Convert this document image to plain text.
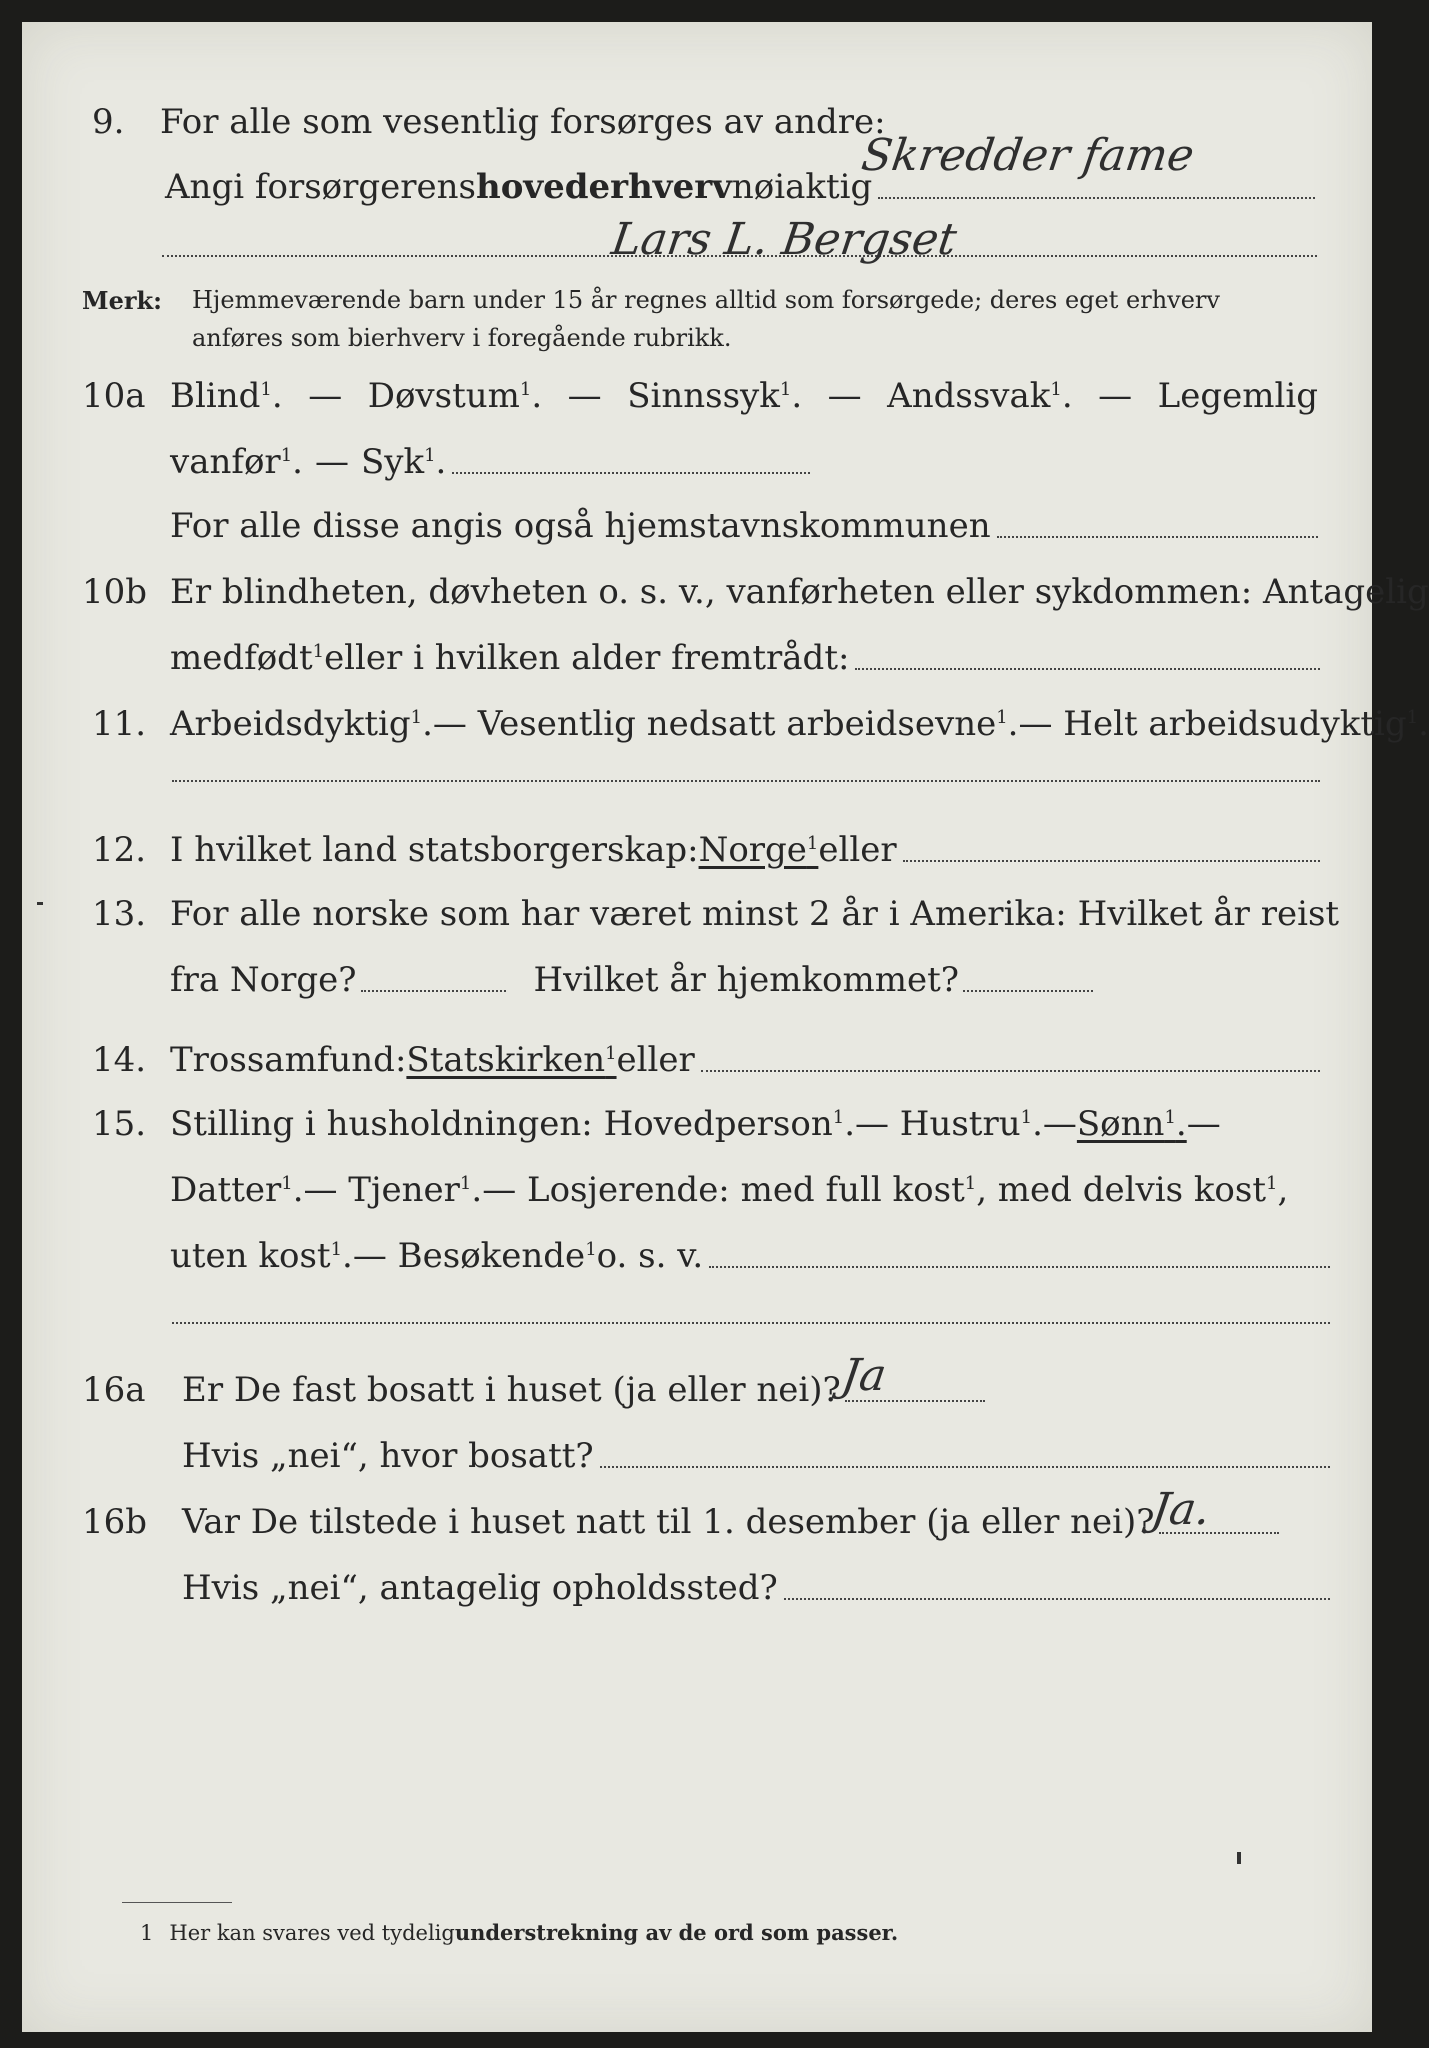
9. For alle som vesentlig forsørges av andre:
Angi forsørgerens hovederhverv nøiaktig
Skredder fame
Lars L. Bergset
Merk: Hjemmeværende barn under 15 år regnes alltid som forsørgede; deres eget erhverv
anføres som bierhverv i foregående rubrikk.
10a Blind$^1$. — Døvstum$^1$. — Sinnssyk$^1$. — Andssvak$^1$. — Legemlig
vanfør$^1$. — Syk$^1$.
For alle disse angis også hjemstavnskommunen
10b Er blindheten, døvheten o. s. v., vanførheten eller sykdommen: Antagelig
medfødt$^1$ eller i hvilken alder fremtrådt:
11. Arbeidsdyktig$^1$. — Vesentlig nedsatt arbeidsevne$^1$. — Helt arbeidsudyktig$^1$.
12. I hvilket land statsborgerskap: Norge$^1$ eller
13. For alle norske som har været minst 2 år i Amerika: Hvilket år reist
fra Norge?	Hvilket år hjemkommet?
14. Trossamfund: Statskirken$^1$ eller
15. Stilling i husholdningen: Hovedperson$^1$. — Hustru$^1$. — Sønn$^1$. —
Datter$^1$. — Tjener$^1$. — Losjerende: med full kost$^1$ , med delvis kost$^1$ ,
uten kost$^1$. — Besøkende$^1$ o. s. v.
16a Er De fast bosatt i huset (ja eller nei)?
Ja
Hvis „nei“, hvor bosatt?
16b Var De tilstede i huset natt til 1. desember (ja eller nei)?
Ja.
Hvis „nei“, antagelig opholdssted?
1 Her kan svares ved tydelig understrekning av de ord som passer.
